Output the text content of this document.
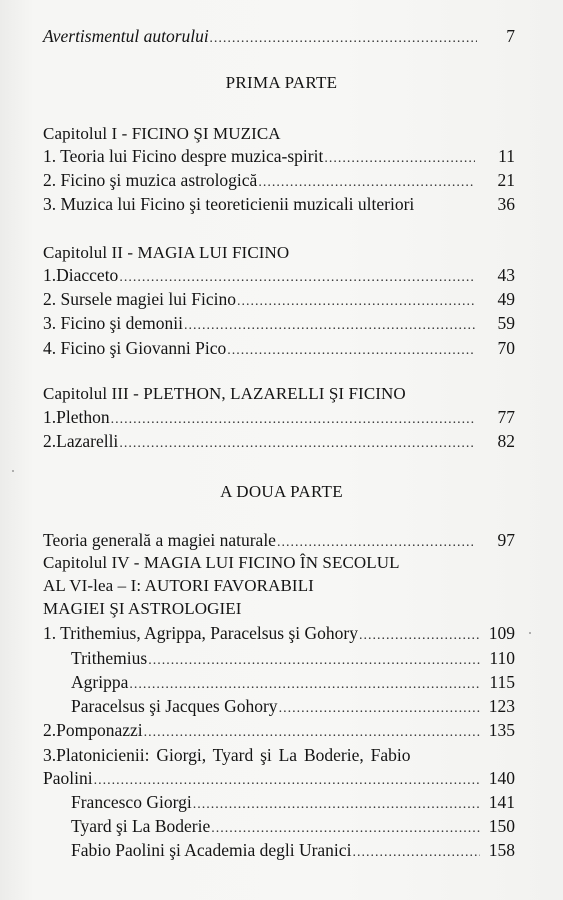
Avertismentul autorului .....	7
PRIMA PARTE
Capitolul I - FICINO ŞI MUZICA
1. Teoria lui Ficino despre muzica-spirit .....	11
2. Ficino şi muzica astrologică .....	21
3. Muzica lui Ficino şi teoreticienii muzicali ulteriori	36
Capitolul II - MAGIA LUI FICINO
1.Diacceto .....	43
2. Sursele magiei lui Ficino .....	49
3. Ficino şi demonii .....	59
4. Ficino şi Giovanni Pico .....	70
Capitolul III - PLETHON, LAZARELLI ŞI FICINO
1.Plethon .....	77
2.Lazarelli .....	82
A DOUA PARTE
Teoria generală a magiei naturale .....	97
Capitolul IV - MAGIA LUI FICINO ÎN SECOLUL
AL VI-lea – I: AUTORI FAVORABILI
MAGIEI ŞI ASTROLOGIEI
1. Trithemius, Agrippa, Paracelsus şi Gohory .....	109
Trithemius .....	110
Agrippa .....	115
Paracelsus şi Jacques Gohory .....	123
2.Pomponazzi .....	135
3.Platonicienii: Giorgi, Tyard şi La Boderie, Fabio
Paolini .....	140
Francesco Giorgi .....	141
Tyard şi La Boderie .....	150
Fabio Paolini şi Academia degli Uranici .....	158
